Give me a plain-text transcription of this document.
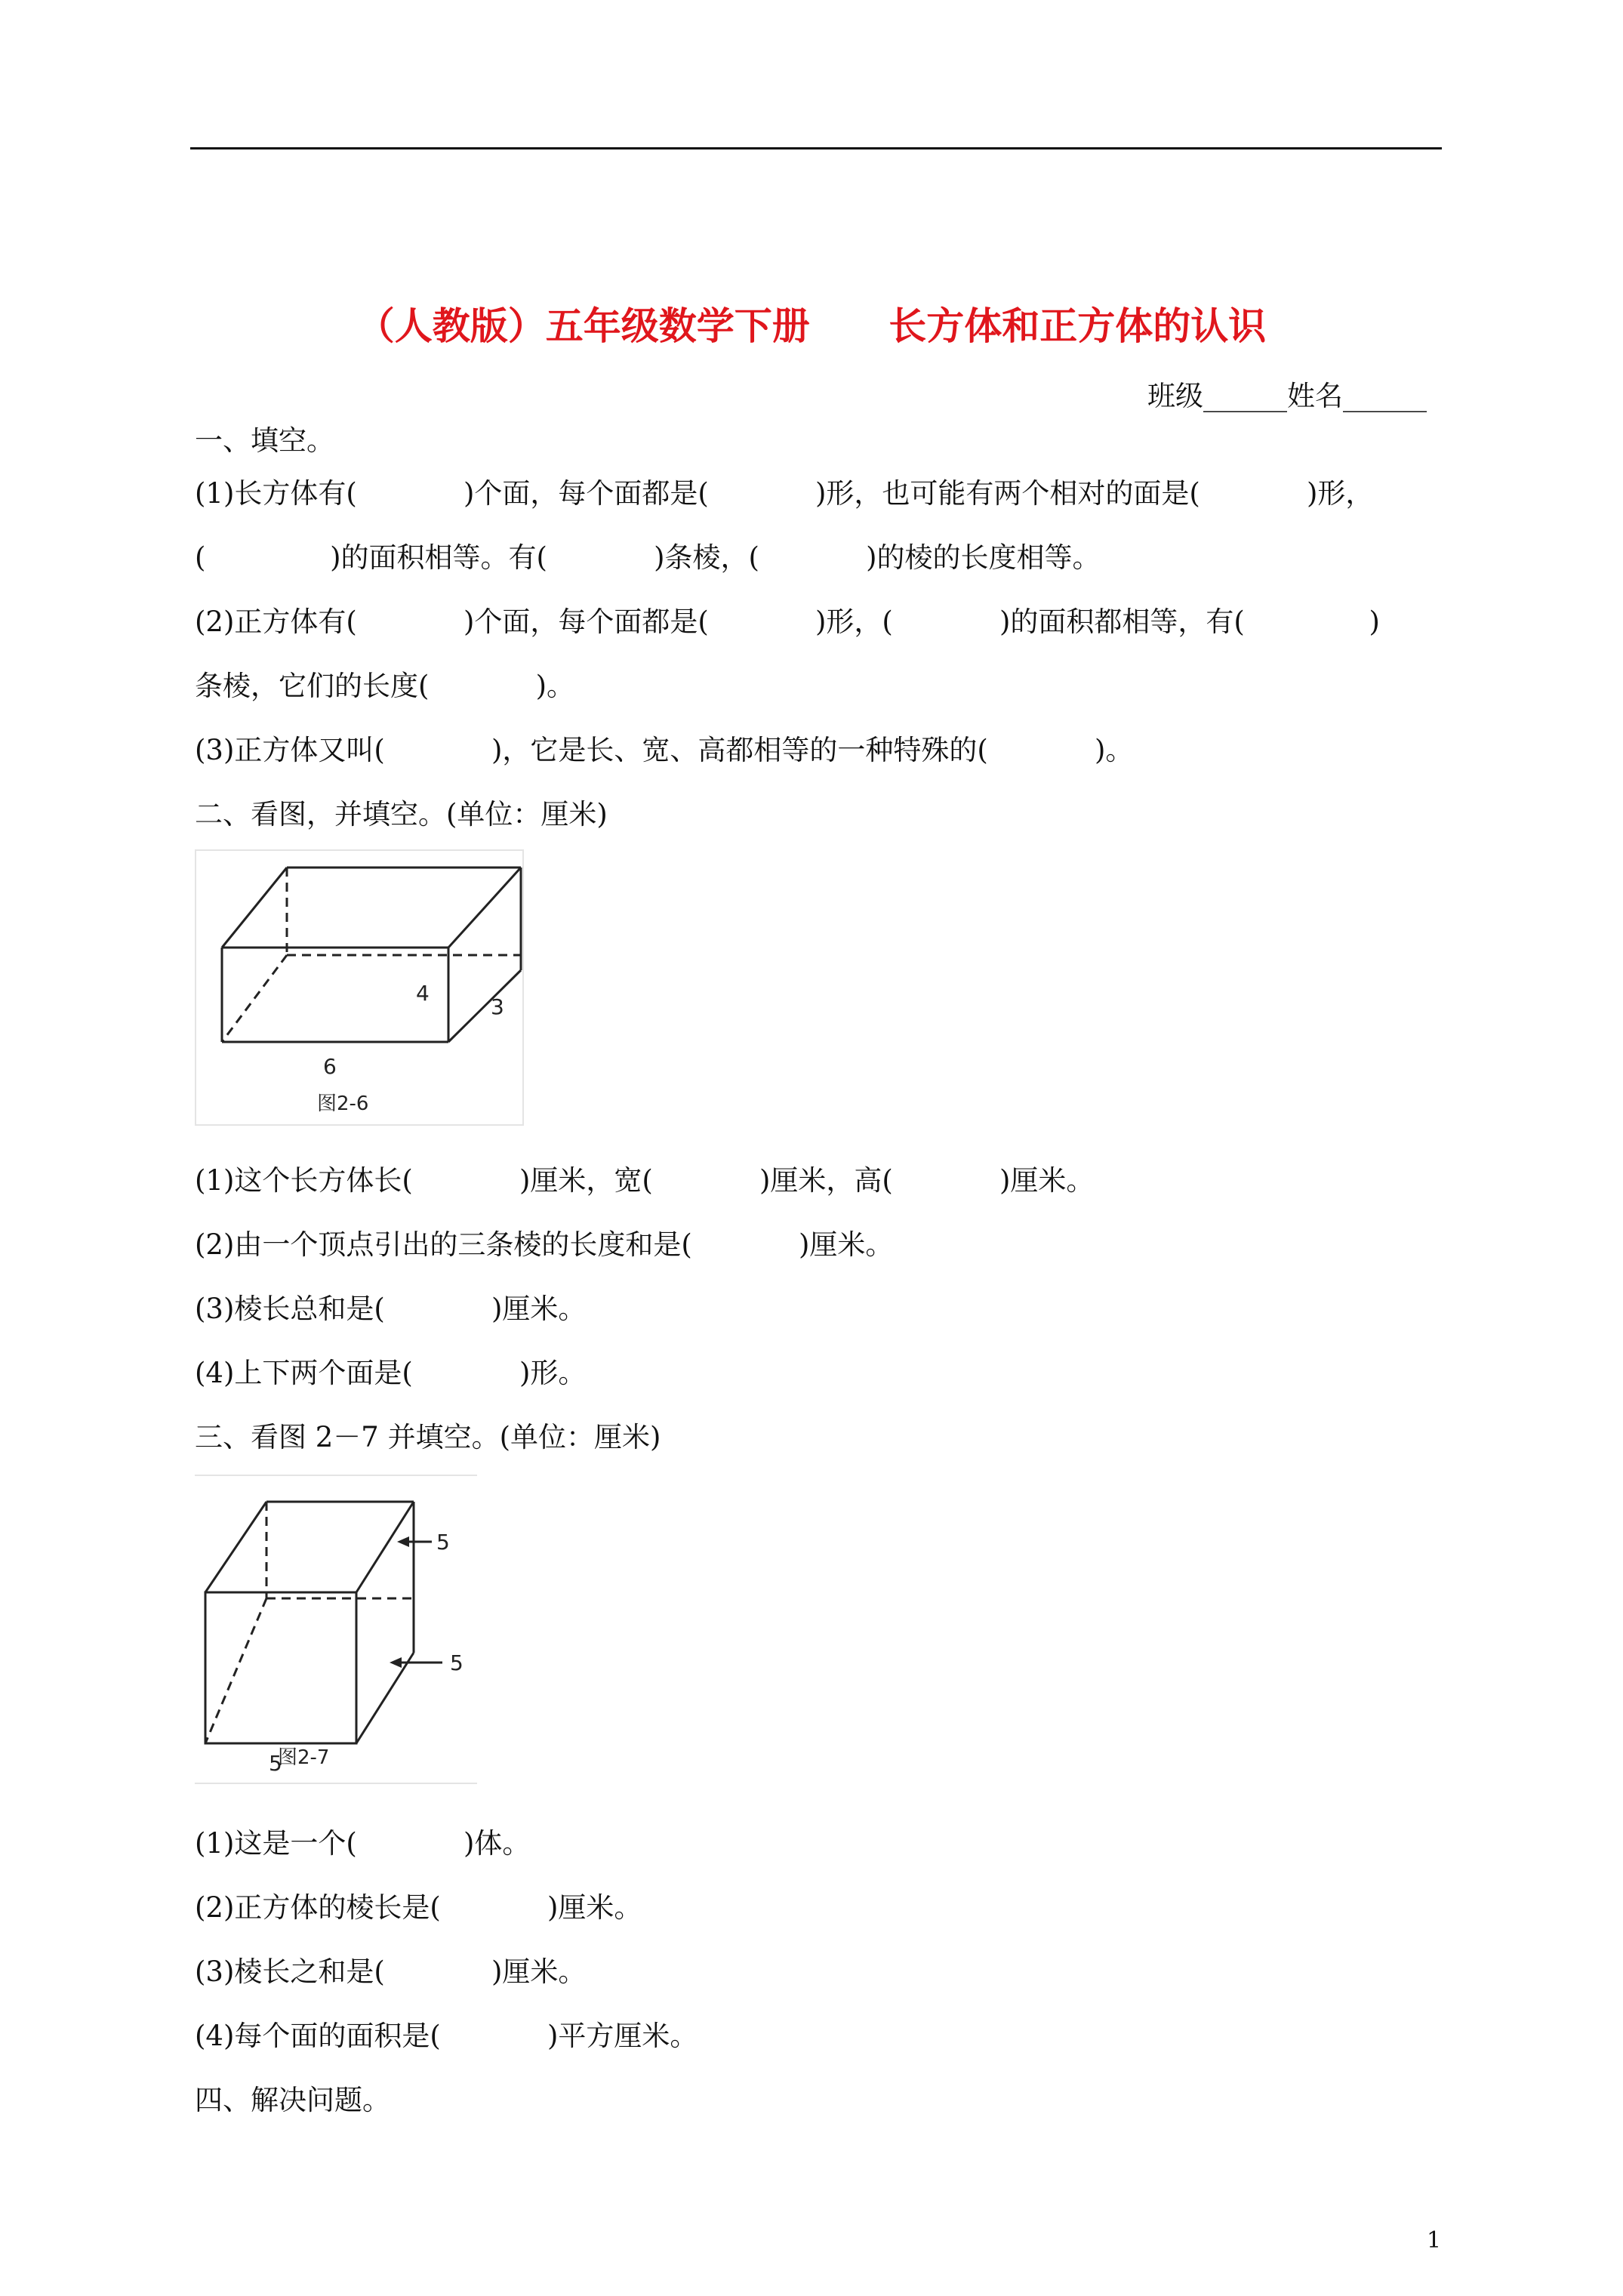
（人教版）五年级数学下册      长方体和正方体的认识
班级______姓名______
一、填空。
(1)长方体有(            )个面，每个面都是(            )形，也可能有两个相对的面是(            )形，
(              )的面积相等。有(            )条棱，(            )的棱的长度相等。
(2)正方体有(            )个面，每个面都是(            )形，(            )的面积都相等，有(              )
条棱，它们的长度(            )。
(3)正方体又叫(            )，它是长、宽、高都相等的一种特殊的(            )。
二、看图，并填空。(单位：厘米)
4
3
6
图2-6
(1)这个长方体长(            )厘米，宽(            )厘米，高(            )厘米。
(2)由一个顶点引出的三条棱的长度和是(            )厘米。
(3)棱长总和是(            )厘米。
(4)上下两个面是(            )形。
三、看图 2－7 并填空。(单位：厘米)
5
5
5
图2-7
(1)这是一个(            )体。
(2)正方体的棱长是(            )厘米。
(3)棱长之和是(            )厘米。
(4)每个面的面积是(            )平方厘米。
四、解决问题。
1
